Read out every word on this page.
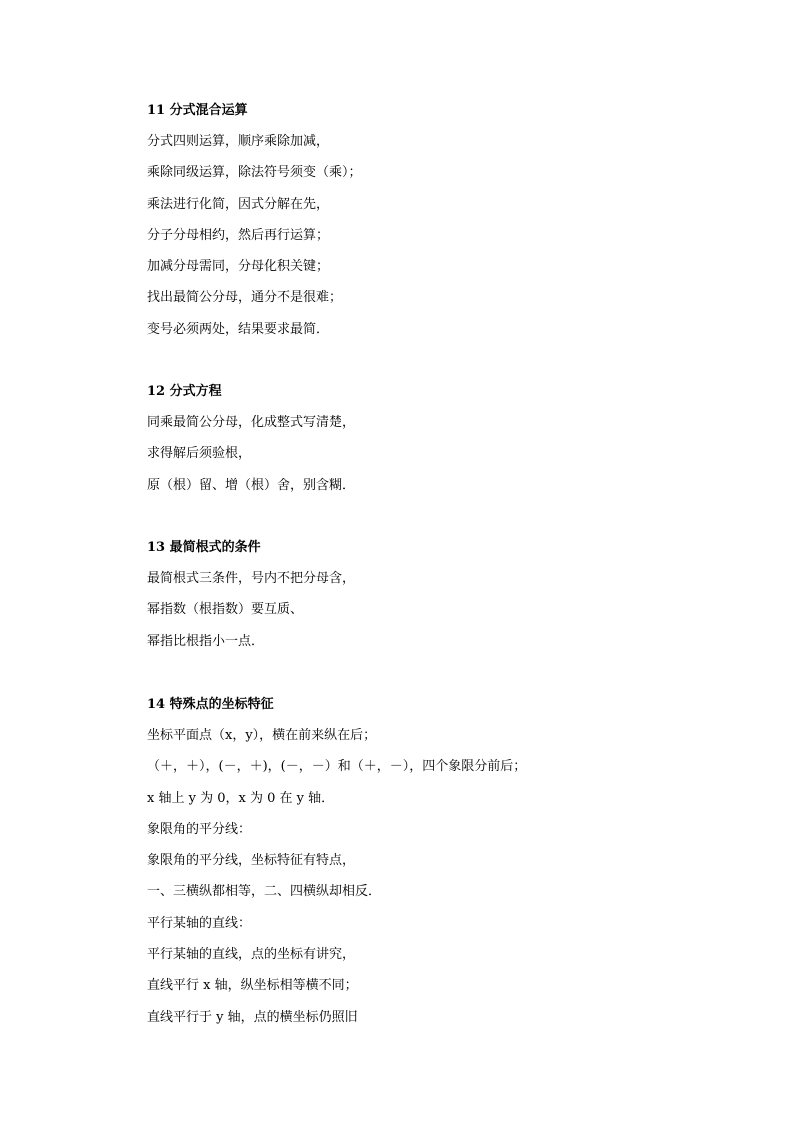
11 分式混合运算
分式四则运算，顺序乘除加减，
乘除同级运算，除法符号须变（乘）；
乘法进行化简，因式分解在先，
分子分母相约，然后再行运算；
加减分母需同，分母化积关键；
找出最简公分母，通分不是很难；
变号必须两处，结果要求最简．
12 分式方程
同乘最简公分母，化成整式写清楚，
求得解后须验根，
原（根）留、增（根）舍，别含糊．
13 最简根式的条件
最简根式三条件，号内不把分母含，
幂指数（根指数）要互质、
幂指比根指小一点．
14 特殊点的坐标特征
坐标平面点（x，y），横在前来纵在后；
（＋，＋），(－，＋)，(－，－）和（＋，－），四个象限分前后；
x 轴上 y 为 0，x 为 0 在 y 轴．
象限角的平分线：
象限角的平分线，坐标特征有特点，
一、三横纵都相等，二、四横纵却相反．
平行某轴的直线：
平行某轴的直线，点的坐标有讲究，
直线平行 x 轴，纵坐标相等横不同；
直线平行于 y 轴，点的横坐标仍照旧
